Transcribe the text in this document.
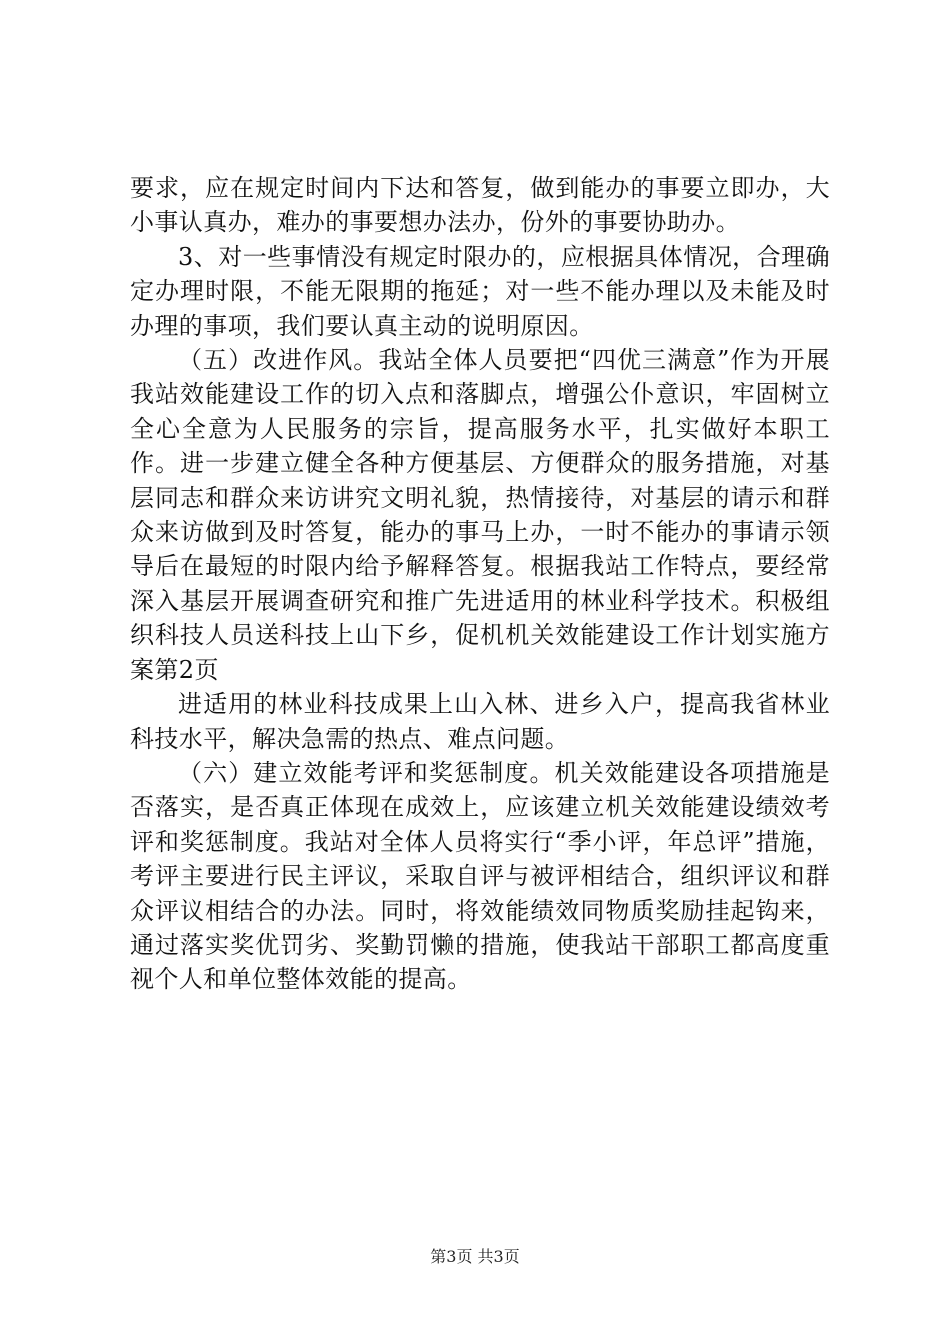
要求，应在规定时间内下达和答复，做到能办的事要立即办，大小事认真办，难办的事要想办法办，份外的事要协助办。

3、对一些事情没有规定时限办的，应根据具体情况，合理确定办理时限，不能无限期的拖延；对一些不能办理以及未能及时办理的事项，我们要认真主动的说明原因。

（五）改进作风。我站全体人员要把“四优三满意”作为开展我站效能建设工作的切入点和落脚点，增强公仆意识，牢固树立全心全意为人民服务的宗旨，提高服务水平，扎实做好本职工作。进一步建立健全各种方便基层、方便群众的服务措施，对基层同志和群众来访讲究文明礼貌，热情接待，对基层的请示和群众来访做到及时答复，能办的事马上办，一时不能办的事请示领导后在最短的时限内给予解释答复。根据我站工作特点，要经常深入基层开展调查研究和推广先进适用的林业科学技术。积极组织科技人员送科技上山下乡，促机机关效能建设工作计划实施方案第2页

进适用的林业科技成果上山入林、进乡入户，提高我省林业科技水平，解决急需的热点、难点问题。

（六）建立效能考评和奖惩制度。机关效能建设各项措施是否落实，是否真正体现在成效上，应该建立机关效能建设绩效考评和奖惩制度。我站对全体人员将实行“季小评，年总评”措施，考评主要进行民主评议，采取自评与被评相结合，组织评议和群众评议相结合的办法。同时，将效能绩效同物质奖励挂起钩来，通过落实奖优罚劣、奖勤罚懒的措施，使我站干部职工都高度重视个人和单位整体效能的提高。

第3页 共3页
